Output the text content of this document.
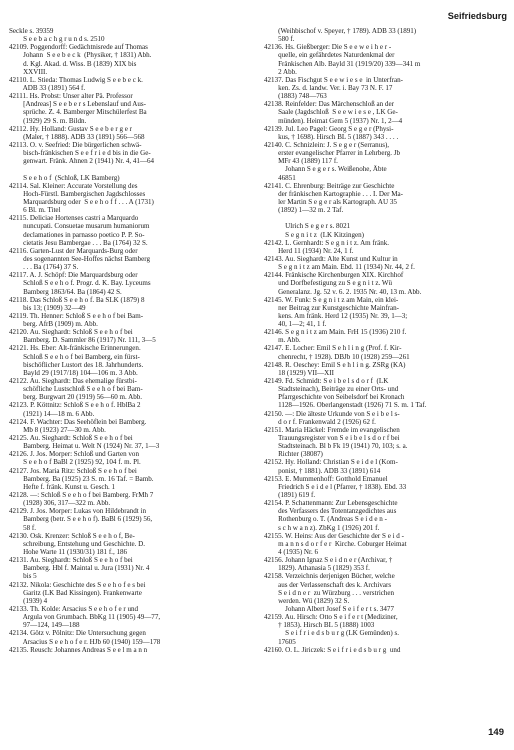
Seifriedsburg
Seckle s. 39359
S e e b a c h g r u n d s. 2510
42109. Poggendorff: Gedächtnisrede auf Thomas
Johann  S e e b e c k  (Physiker, † 1831) Abh.
d. Kgl. Akad. d. Wiss. B (1839) XIX bis
XXVIII.
42110. L. Stieda: Thomas Ludwig S e e b e c k.
ADB 33 (1891) 564 f.
42111. Hs. Probst: Unser alter Pä. Professor
[Andreas] S e e b e r s Lebenslauf und Aus-
sprüche. Z. 4. Bamberger Mitschülerfest Ba
(1929) 29 S. m. Bildn.
42112. Hy. Holland: Gustav S e e b e r g e r
(Maler, † 1888). ADB 33 (1891) 566—568
42113. O. v. Seefried: Die bürgerlichen schwä-
bisch-fränkischen S e e f r i e d bis in die Ge-
genwart. Fränk. Ahnen 2 (1941) Nr. 4, 41—64
S e e h o f  (Schloß, LK Bamberg)
42114. Sal. Kleiner: Accurate Vorstellung des
Hoch-Fürstl. Bambergischen Jagdschlosses
Marquardsburg oder  S e e h o f f . . . A (1731)
6 Bl. m. Titel
42115. Deliciae Hortenses castri a Marquardo
nuncupati. Consuetae musarum humaniorum
declamationes in parnasso poetico P. P. So-
cietatis Jesu Bambergae . . . Ba (1764) 32 S.
42116. Garten-Lust der Marquards-Burg oder
des sogenannten See-Hoffes nächst Bamberg
. . . Ba (1764) 37 S.
42117. A. J. Schöpf: Die Marquardsburg oder
Schloß S e e h o f. Progr. d. K. Bay. Lyceums
Bamberg 1863/64. Ba (1864) 42 S.
42118. Das Schloß S e e h o f. Ba SLK (1879) 8
bis 13; (1909) 32—49
42119. Th. Henner: Schloß S e e h o f bei Bam-
berg. AfrB (1909) m. Abb.
42120. Au. Sieghardt: Schloß S e e h o f bei
Bamberg. D. Sammler 86 (1917) Nr. 111, 3—5
42121. Hs. Eber: Alt-fränkische Erinnerungen.
Schloß S e e h o f bei Bamberg, ein fürst-
bischöflicher Lustort des 18. Jahrhunderts.
Bayld 29 (1917/18) 104—106 m. 3 Abb.
42122. Au. Sieghardt: Das ehemalige fürstbi-
schöfliche Lustschloß S e e h o f bei Bam-
berg. Burgwart 20 (1919) 56—60 m. Abb.
42123. P. Köttnitz: Schloß S e e h o f. HblBa 2
(1921) 14—18 m. 6 Abb.
42124. F. Wachter: Das Seehöflein bei Bamberg.
Mb 8 (1923) 27—30 m. Abb.
42125. Au. Sieghardt: Schloß S e e h o f bei
Bamberg. Heimat u. Welt N (1924) Nr. 37, 1—3
42126. J. Jos. Morper: Schloß und Garten von
S e e h o f BaBl 2 (1925) 92, 104 f. m. Pl.
42127. Jos. Maria Ritz: Schloß S e e h o f bei
Bamberg. Ba (1925) 23 S. m. 16 Taf. = Bamb.
Hefte f. fränk. Kunst u. Gesch. 1
42128. —: Schloß S e e h o f bei Bamberg. FrMh 7
(1928) 306, 317—322 m. Abb.
42129. J. Jos. Morper: Lukas von Hildebrandt in
Bamberg (betr. S e e h o f). BaBl 6 (1929) 56,
58 f.
42130. Osk. Krenzer: Schloß S e e h o f, Be-
schreibung, Entstehung und Geschichte. D.
Hohe Warte 11 (1930/31) 181 f., 186
42131. Au. Sieghardt: Schloß S e e h o f bei
Bamberg. Hbl f. Maintal u. Jura (1931) Nr. 4
bis 5
42132. Nikola: Geschichte des S e e h o f e s bei
Garitz (LK Bad Kissingen). Frankenwarte
(1939) 4
42133. Th. Kolde: Arsacius S e e h o f e r und
Argula von Grumbach. BbKg 11 (1905) 49—77,
97—124, 149—188
42134. Götz v. Pölnitz: Die Untersuchung gegen
Arsacius S e e h o f e r. HJb 60 (1940) 159—178
42135. Reusch: Johannes Andreas S e e l m a n n
(Weihbischof v. Speyer, † 1789). ADB 33 (1891)
580 f.
42136. Hs. Gießberger: Die S e e w e i h e r -
quelle, ein gefährdetes Naturdenkmal der
Fränkischen Alb. Bayld 31 (1919/20) 339—341 m
2 Abb.
42137. Das Fischgut S e e w i e s e  in Unterfran-
ken. Zs. d. landw. Ver. i. Bay 73 N. F. 17
(1883) 748—763
42138. Reinfelder: Das Märchenschloß an der
Saale (Jagdschloß  S e e w i e s e , LK Ge-
münden). Heimat Gem 5 (1937) Nr. 1, 2—4
42139. Jul. Leo Pagel: Georg S e g e r (Physi-
kus, † 1698). Hirsch BL 5 (1887) 343 . . . .
42140. C. Schnizlein: J. S e g e r (Serranus),
erster evangelischer Pfarrer in Lehrberg. Jb
MFr 43 (1889) 117 f.
Johann S e g e r s. Weißenohe, Äbte
46851
42141. C. Ehrenburg: Beiträge zur Geschichte
der fränkischen Kartographie . . . I. Der Ma-
ler Martin S e g e r als Kartograph. AU 35
(1892) 1—32 m. 2 Taf.
Ulrich S e g e r s. 8021
S e g n i t z  (LK Kitzingen)
42142. L. Gernhardt: S e g n i t z. Am fränk.
Herd 11 (1934) Nr. 24, 1 f.
42143. Au. Sieghardt: Alte Kunst und Kultur in
S e g n i t z am Main. Ebd. 11 (1934) Nr. 44, 2 f.
42144. Fränkische Kirchenburgen XIX. Kirchhof
und Dorfbefestigung zu S e g n i t z. Wü
Generalanz. Jg. 52 v. 6. 2. 1935 Nr. 40, 13 m. Abb.
42145. W. Funk: S e g n i t z am Main, ein klei-
ner Beitrag zur Kunstgeschichte Mainfran-
kens. Am fränk. Herd 12 (1935) Nr. 39, 1—3;
40, 1—2; 41, 1 f.
42146. S e g n i t z am Main. FrH 15 (1936) 210 f.
m. Abb.
42147. E. Locher: Emil S e h l i n g (Prof. f. Kir-
chenrecht, † 1928). DBJb 10 (1928) 259—261
42148. R. Oeschey: Emil S e h l i n g. ZSRg (KA)
18 (1929) VII—XII
42149. Fd. Schmidt: S e i b e l s d o r f  (LK
Stadtsteinach), Beiträge zu einer Orts- und
Pfarrgeschichte von Seibelsdorf bei Kronach
1128—1926. Oberlangenstadt (1926) 71 S. m. 1 Taf.
42150. —: Die älteste Urkunde von S e i b e l s-
d o r f. Frankenwald 2 (1926) 62 f.
42151. Maria Häckel: Fremde im evangelischen
Trauungsregister von S e i b e l s d o r f bei
Stadtsteinach. Bl b Fk 19 (1941) 70, 103; s. a.
Richter (38087)
42152. Hy. Holland: Christian S e i d e l (Kom-
ponist, † 1881). ADB 33 (1891) 614
42153. E. Mummenhoff: Gotthold Emanuel
Friedrich S e i d e l (Pfarrer, † 1838). Ebd. 33
(1891) 619 f.
42154. P. Schattenmann: Zur Lebensgeschichte
des Verfassers des Totentanzgedichtes aus
Rothenburg o. T. (Andreas S e i d e n -
s c h w a n z). ZbKg 1 (1926) 201 f.
42155. W. Heins: Aus der Geschichte der S e i d -
m a n n s d o r f e r  Kirche. Coburger Heimat
4 (1935) Nr. 6
42156. Johann Ignaz S e i d n e r (Archivar, †
1829). Athanasia 5 (1829) 353 f.
42158. Verzeichnis derjenigen Bücher, welche
aus der Verlassenschaft des k. Archivars
S e i d n e r  zu Würzburg . . . verstrichen
werden. Wü (1829) 32 S.
Johann Albert Josef S e i f e r t s. 3477
42159. Au. Hirsch: Otto S e i f e r t (Mediziner,
† 1853). Hirsch BL 5 (1888) 1003
S e i f r i e d s b u r g (LK Gemünden) s.
17605
42160. O. L. Jiriczek: S e i f r i e d s b u r g  und
149
